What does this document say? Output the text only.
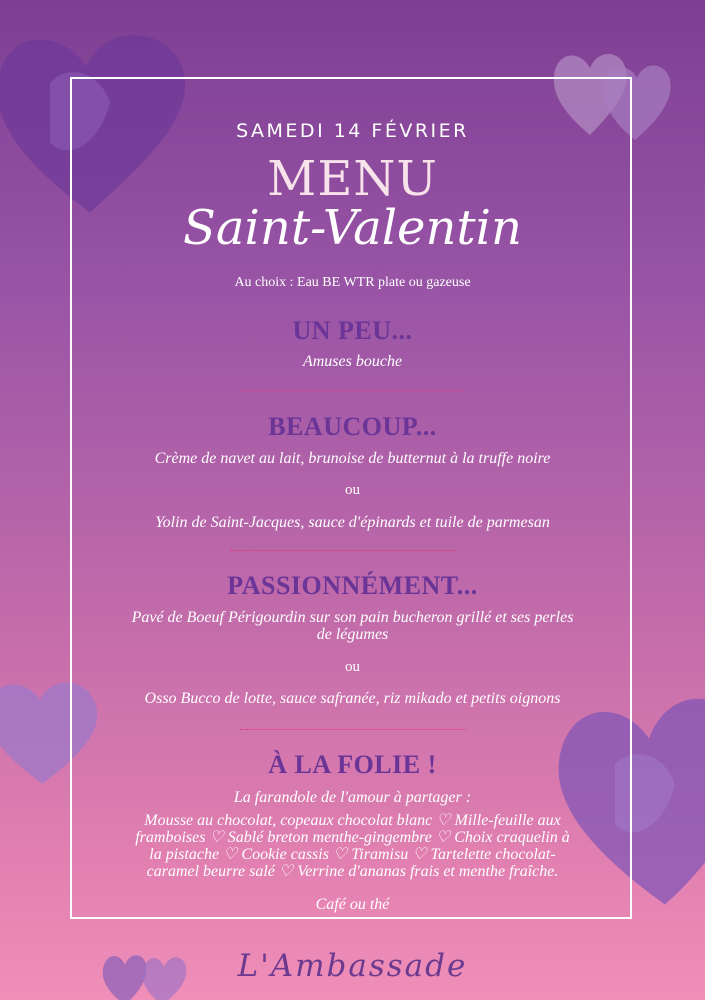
SAMEDI 14 FÉVRIER
MENU
Saint-Valentin
Au choix : Eau BE WTR plate ou gazeuse
UN PEU...
Amuses bouche
BEAUCOUP...
Crème de navet au lait, brunoise de butternut à la truffe noire
ou
Yolin de Saint-Jacques, sauce d'épinards et tuile de parmesan
PASSIONNÉMENT...
Pavé de Boeuf Périgourdin sur son pain bucheron grillé et ses perles
de légumes
ou
Osso Bucco de lotte, sauce safranée, riz mikado et petits oignons
À LA FOLIE !
La farandole de l'amour à partager :
Mousse au chocolat, copeaux chocolat blanc ♡ Mille-feuille aux
framboises ♡ Sablé breton menthe-gingembre ♡ Choix craquelin à
la pistache ♡ Cookie cassis ♡ Tiramisu ♡ Tartelette chocolat-
caramel beurre salé ♡ Verrine d'ananas frais et menthe fraîche.
Café ou thé
L'Ambassade
